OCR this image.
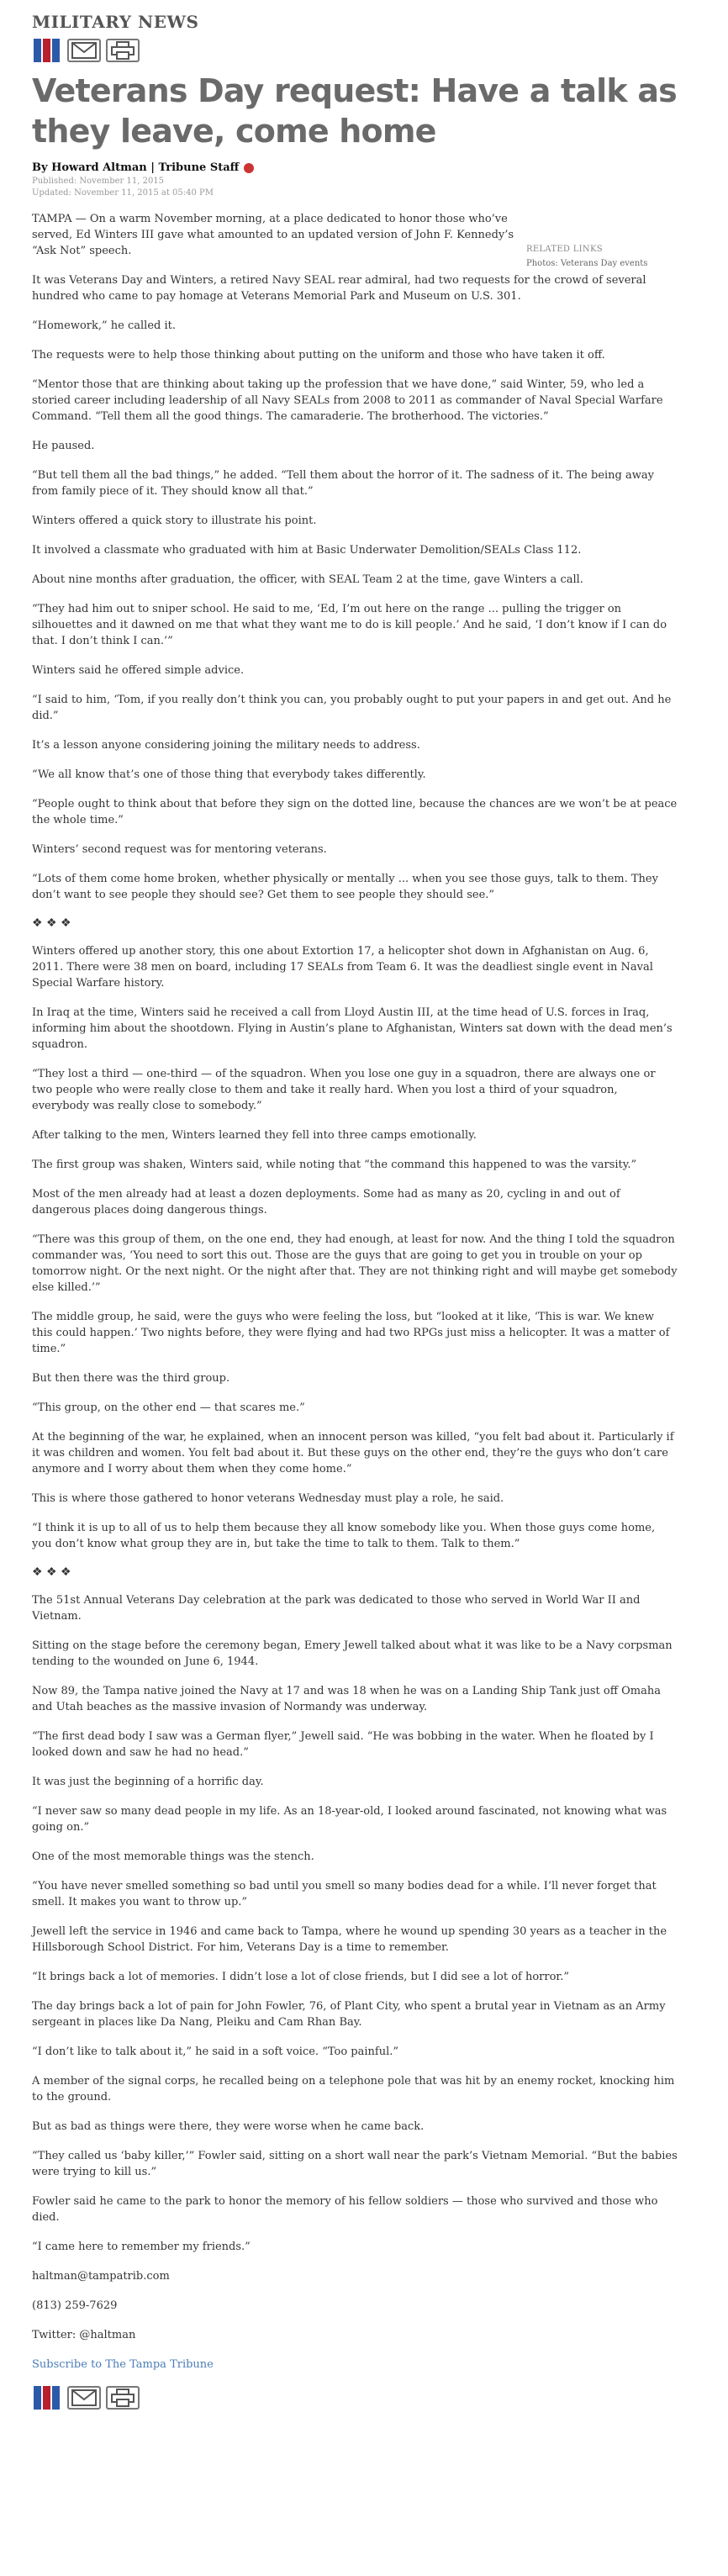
MILITARY NEWS
Veterans Day request: Have a talk as they leave, come home
By Howard Altman | Tribune Staff
Published: November 11, 2015
Updated: November 11, 2015 at 05:40 PM
RELATED LINKS
Photos: Veterans Day events

TAMPA — On a warm November morning, at a place dedicated to honor those who’ve served, Ed Winters III gave what amounted to an updated version of John F. Kennedy’s “Ask Not” speech.

It was Veterans Day and Winters, a retired Navy SEAL rear admiral, had two requests for the crowd of several hundred who came to pay homage at Veterans Memorial Park and Museum on U.S. 301.

“Homework,” he called it.

The requests were to help those thinking about putting on the uniform and those who have taken it off.

“Mentor those that are thinking about taking up the profession that we have done,” said Winter, 59, who led a storied career including leadership of all Navy SEALs from 2008 to 2011 as commander of Naval Special Warfare Command. “Tell them all the good things. The camaraderie. The brotherhood. The victories.”

He paused.

“But tell them all the bad things,” he added. “Tell them about the horror of it. The sadness of it. The being away from family piece of it. They should know all that.”

Winters offered a quick story to illustrate his point.

It involved a classmate who graduated with him at Basic Underwater Demolition/SEALs Class 112.

About nine months after graduation, the officer, with SEAL Team 2 at the time, gave Winters a call.

“They had him out to sniper school. He said to me, ‘Ed, I’m out here on the range ... pulling the trigger on silhouettes and it dawned on me that what they want me to do is kill people.’ And he said, ‘I don’t know if I can do that. I don’t think I can.’”

Winters said he offered simple advice.

“I said to him, ‘Tom, if you really don’t think you can, you probably ought to put your papers in and get out. And he did.”

It’s a lesson anyone considering joining the military needs to address.

“We all know that’s one of those thing that everybody takes differently.

“People ought to think about that before they sign on the dotted line, because the chances are we won’t be at peace the whole time.”

Winters’ second request was for mentoring veterans.

“Lots of them come home broken, whether physically or mentally ... when you see those guys, talk to them. They don’t want to see people they should see? Get them to see people they should see.”

❖ ❖ ❖

Winters offered up another story, this one about Extortion 17, a helicopter shot down in Afghanistan on Aug. 6, 2011. There were 38 men on board, including 17 SEALs from Team 6. It was the deadliest single event in Naval Special Warfare history.

In Iraq at the time, Winters said he received a call from Lloyd Austin III, at the time head of U.S. forces in Iraq, informing him about the shootdown. Flying in Austin’s plane to Afghanistan, Winters sat down with the dead men’s squadron.

“They lost a third — one-third — of the squadron. When you lose one guy in a squadron, there are always one or two people who were really close to them and take it really hard. When you lost a third of your squadron, everybody was really close to somebody.”

After talking to the men, Winters learned they fell into three camps emotionally.

The first group was shaken, Winters said, while noting that “the command this happened to was the varsity.”

Most of the men already had at least a dozen deployments. Some had as many as 20, cycling in and out of dangerous places doing dangerous things.

“There was this group of them, on the one end, they had enough, at least for now. And the thing I told the squadron commander was, ‘You need to sort this out. Those are the guys that are going to get you in trouble on your op tomorrow night. Or the next night. Or the night after that. They are not thinking right and will maybe get somebody else killed.’”

The middle group, he said, were the guys who were feeling the loss, but “looked at it like, ‘This is war. We knew this could happen.’ Two nights before, they were flying and had two RPGs just miss a helicopter. It was a matter of time.”

But then there was the third group.

“This group, on the other end — that scares me.”

At the beginning of the war, he explained, when an innocent person was killed, “you felt bad about it. Particularly if it was children and women. You felt bad about it. But these guys on the other end, they’re the guys who don’t care anymore and I worry about them when they come home.”

This is where those gathered to honor veterans Wednesday must play a role, he said.

“I think it is up to all of us to help them because they all know somebody like you. When those guys come home, you don’t know what group they are in, but take the time to talk to them. Talk to them.”

❖ ❖ ❖

The 51st Annual Veterans Day celebration at the park was dedicated to those who served in World War II and Vietnam.

Sitting on the stage before the ceremony began, Emery Jewell talked about what it was like to be a Navy corpsman tending to the wounded on June 6, 1944.

Now 89, the Tampa native joined the Navy at 17 and was 18 when he was on a Landing Ship Tank just off Omaha and Utah beaches as the massive invasion of Normandy was underway.

“The first dead body I saw was a German flyer,” Jewell said. “He was bobbing in the water. When he floated by I looked down and saw he had no head.”

It was just the beginning of a horrific day.

“I never saw so many dead people in my life. As an 18-year-old, I looked around fascinated, not knowing what was going on.”

One of the most memorable things was the stench.

“You have never smelled something so bad until you smell so many bodies dead for a while. I’ll never forget that smell. It makes you want to throw up.”

Jewell left the service in 1946 and came back to Tampa, where he wound up spending 30 years as a teacher in the Hillsborough School District. For him, Veterans Day is a time to remember.

“It brings back a lot of memories. I didn’t lose a lot of close friends, but I did see a lot of horror.”

The day brings back a lot of pain for John Fowler, 76, of Plant City, who spent a brutal year in Vietnam as an Army sergeant in places like Da Nang, Pleiku and Cam Rhan Bay.

“I don’t like to talk about it,” he said in a soft voice. “Too painful.”

A member of the signal corps, he recalled being on a telephone pole that was hit by an enemy rocket, knocking him to the ground.

But as bad as things were there, they were worse when he came back.

“They called us ‘baby killer,’” Fowler said, sitting on a short wall near the park’s Vietnam Memorial. “But the babies were trying to kill us.”

Fowler said he came to the park to honor the memory of his fellow soldiers — those who survived and those who died.

“I came here to remember my friends.”

haltman@tampatrib.com

(813) 259-7629

Twitter: @haltman

Subscribe to The Tampa Tribune
